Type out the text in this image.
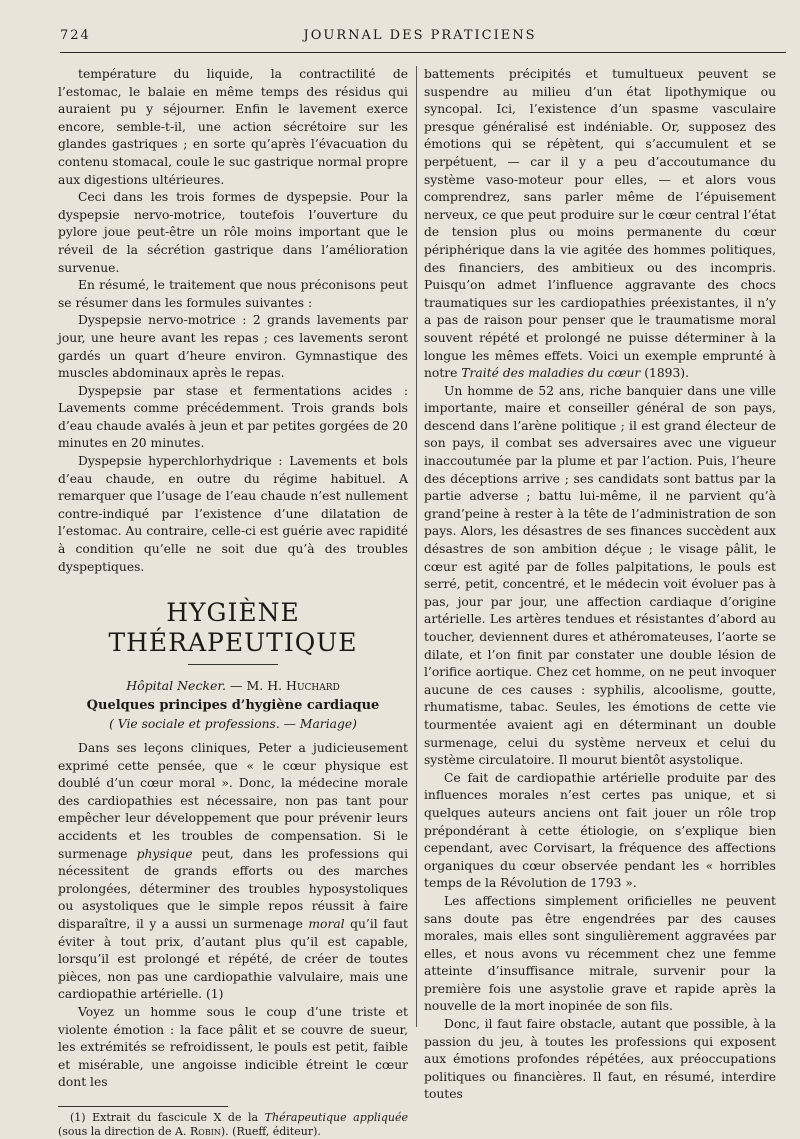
724	JOURNAL DES PRATICIENS

température du liquide, la contractilité de l’estomac, le balaie en même temps des résidus qui auraient pu y séjourner. Enfin le lavement exerce encore, semble-t-il, une action sécrétoire sur les glandes gastriques ; en sorte qu’après l’évacuation du contenu stomacal, coule le suc gastrique normal propre aux digestions ultérieures.

Ceci dans les trois formes de dyspepsie. Pour la dyspepsie nervo-motrice, toutefois l’ouverture du pylore joue peut-être un rôle moins important que le réveil de la sécrétion gastrique dans l’amélioration survenue.

En résumé, le traitement que nous préconisons peut se résumer dans les formules suivantes :

Dyspepsie nervo-motrice : 2 grands lavements par jour, une heure avant les repas ; ces lavements seront gardés un quart d’heure environ. Gymnastique des muscles abdominaux après le repas.

Dyspepsie par stase et fermentations acides : Lavements comme précédemment. Trois grands bols d’eau chaude avalés à jeun et par petites gorgées de 20 minutes en 20 minutes.

Dyspepsie hyperchlorhydrique : Lavements et bols d’eau chaude, en outre du régime habituel. A remarquer que l’usage de l’eau chaude n’est nullement contre-indiqué par l’existence d’une dilatation de l’estomac. Au contraire, celle-ci est guérie avec rapidité à condition qu’elle ne soit due qu’à des troubles dyspeptiques.

HYGIÈNE THÉRAPEUTIQUE

Hôpital Necker. — M. H. Huchard

Quelques principes d’hygiène cardiaque

( Vie sociale et professions. — Mariage)

Dans ses leçons cliniques, Peter a judicieusement exprimé cette pensée, que « le cœur physique est doublé d’un cœur moral ». Donc, la médecine morale des cardiopathies est nécessaire, non pas tant pour empêcher leur développement que pour prévenir leurs accidents et les troubles de compensation. Si le surmenage physique peut, dans les professions qui nécessitent de grands efforts ou des marches prolongées, déterminer des troubles hyposystoliques ou asystoliques que le simple repos réussit à faire disparaître, il y a aussi un surmenage moral qu’il faut éviter à tout prix, d’autant plus qu’il est capable, lorsqu’il est prolongé et répété, de créer de toutes pièces, non pas une cardiopathie valvulaire, mais une cardiopathie artérielle. (1)

Voyez un homme sous le coup d’une triste et violente émotion : la face pâlit et se couvre de sueur, les extrémités se refroidissent, le pouls est petit, faible et misérable, une angoisse indicible étreint le cœur dont les

(1) Extrait du fascicule X de la Thérapeutique appliquée (sous la direction de A. Robin). (Rueff, éditeur).

battements précipités et tumultueux peuvent se suspendre au milieu d’un état lipothymique ou syncopal. Ici, l’existence d’un spasme vasculaire presque généralisé est indéniable. Or, supposez des émotions qui se répètent, qui s’accumulent et se perpétuent, — car il y a peu d’accoutumance du système vaso-moteur pour elles, — et alors vous comprendrez, sans parler même de l’épuisement nerveux, ce que peut produire sur le cœur central l’état de tension plus ou moins permanente du cœur périphérique dans la vie agitée des hommes politiques, des financiers, des ambitieux ou des incompris. Puisqu’on admet l’influence aggravante des chocs traumatiques sur les cardiopathies préexistantes, il n’y a pas de raison pour penser que le traumatisme moral souvent répété et prolongé ne puisse déterminer à la longue les mêmes effets. Voici un exemple emprunté à notre Traité des maladies du cœur (1893).

Un homme de 52 ans, riche banquier dans une ville importante, maire et conseiller général de son pays, descend dans l’arène politique ; il est grand électeur de son pays, il combat ses adversaires avec une vigueur inaccoutumée par la plume et par l’action. Puis, l’heure des déceptions arrive ; ses candidats sont battus par la partie adverse ; battu lui-même, il ne parvient qu’à grand’peine à rester à la tête de l’administration de son pays. Alors, les désastres de ses finances succèdent aux désastres de son ambition déçue ; le visage pâlit, le cœur est agité par de folles palpitations, le pouls est serré, petit, concentré, et le médecin voit évoluer pas à pas, jour par jour, une affection cardiaque d’origine artérielle. Les artères tendues et résistantes d’abord au toucher, deviennent dures et athéromateuses, l’aorte se dilate, et l’on finit par constater une double lésion de l’orifice aortique. Chez cet homme, on ne peut invoquer aucune de ces causes : syphilis, alcoolisme, goutte, rhumatisme, tabac. Seules, les émotions de cette vie tourmentée avaient agi en déterminant un double surmenage, celui du système nerveux et celui du système circulatoire. Il mourut bientôt asystolique.

Ce fait de cardiopathie artérielle produite par des influences morales n’est certes pas unique, et si quelques auteurs anciens ont fait jouer un rôle trop prépondérant à cette étiologie, on s’explique bien cependant, avec Corvisart, la fréquence des affections organiques du cœur observée pendant les « horribles temps de la Révolution de 1793 ».

Les affections simplement orificielles ne peuvent sans doute pas être engendrées par des causes morales, mais elles sont singulièrement aggravées par elles, et nous avons vu récemment chez une femme atteinte d’insuffisance mitrale, survenir pour la première fois une asystolie grave et rapide après la nouvelle de la mort inopinée de son fils.

Donc, il faut faire obstacle, autant que possible, à la passion du jeu, à toutes les professions qui exposent aux émotions profondes répétées, aux préoccupations politiques ou financières. Il faut, en résumé, interdire toutes
